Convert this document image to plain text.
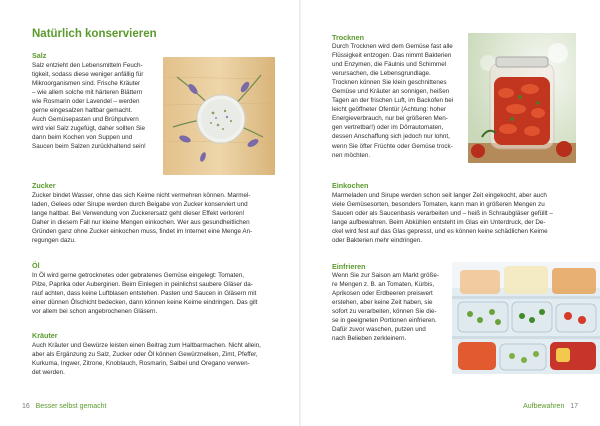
Natürlich konservieren
Salz
Salz entzieht den Lebensmitteln Feuch-
tigkeit, sodass diese weniger anfällig für
Mikroorganismen sind. Frische Kräuter
– wie allem solche mit härteren Blättern
wie Rosmarin oder Lavendel – werden
gerne eingesalzen haltbar gemacht.
Auch Gemüsepasten und Brühpulvern
wird viel Salz zugefügt, daher sollten Sie
dann beim Kochen von Suppen und
Saucen beim Salzen zurückhaltend sein!
Zucker
Zucker bindet Wasser, ohne das sich Keime nicht vermehren können. Marmel-
laden, Gelees oder Sirupe werden durch Beigabe von Zucker konserviert und
lange haltbar. Bei Verwendung von Zuckerersatz geht dieser Effekt verloren!
Daher in diesem Fall nur kleine Mengen einkochen. Wer aus gesundheitlichen
Gründen ganz ohne Zucker einkochen muss, findet im Internet eine Menge An-
regungen dazu.
Öl
In Öl wird gerne getrocknetes oder gebratenes Gemüse eingelegt: Tomaten,
Pilze, Paprika oder Auberginen. Beim Einlegen in peinlichst saubere Gläser da-
rauf achten, dass keine Luftblasen entstehen. Pasten und Saucen in Gläsern mit
einer dünnen Ölschicht bedecken, dann können keine Keime eindringen. Das gilt
vor allem bei schon angebrochenen Gläsern.
Kräuter
Auch Kräuter und Gewürze leisten einen Beitrag zum Haltbarmachen. Nicht allein,
aber als Ergänzung zu Salz, Zucker oder Öl können Gewürznelken, Zimt, Pfeffer,
Kurkuma, Ingwer, Zitrone, Knoblauch, Rosmarin, Salbei und Oregano verwen-
det werden.
16 Besser selbst gemacht
Trocknen
Durch Trocknen wird dem Gemüse fast alle
Flüssigkeit entzogen. Das nimmt Bakterien
und Enzymen, die Fäulnis und Schimmel
verursachen, die Lebensgrundlage.
Trocknen können Sie klein geschnittenes
Gemüse und Kräuter an sonnigen, heißen
Tagen an der frischen Luft, im Backofen bei
leicht geöffneter Ofentür (Achtung: hoher
Energieverbrauch, nur bei größeren Men-
gen vertretbar!) oder im Dörrautomaten,
dessen Anschaffung sich jedoch nur lohnt,
wenn Sie öfter Früchte oder Gemüse trock-
nen möchten.
Einkochen
Marmeladen und Sirupe werden schon seit langer Zeit eingekocht, aber auch
viele Gemüsesorten, besonders Tomaten, kann man in größeren Mengen zu
Saucen oder als Saucenbasis verarbeiten und – heiß in Schraubgläser gefüllt –
lange aufbewahren. Beim Abkühlen entsteht im Glas ein Unterdruck, der De-
ckel wird fest auf das Glas gepresst, und es können keine schädlichen Keime
oder Bakterien mehr eindringen.
Einfrieren
Wenn Sie zur Saison am Markt größe-
re Mengen z. B. an Tomaten, Kürbis,
Aprikosen oder Erdbeeren preiswert
erstehen, aber keine Zeit haben, sie
sofort zu verarbeiten, können Sie die-
se in geeigneten Portionen einfrieren.
Dafür zuvor waschen, putzen und
nach Belieben zerkleinern.
Aufbewahren 17
